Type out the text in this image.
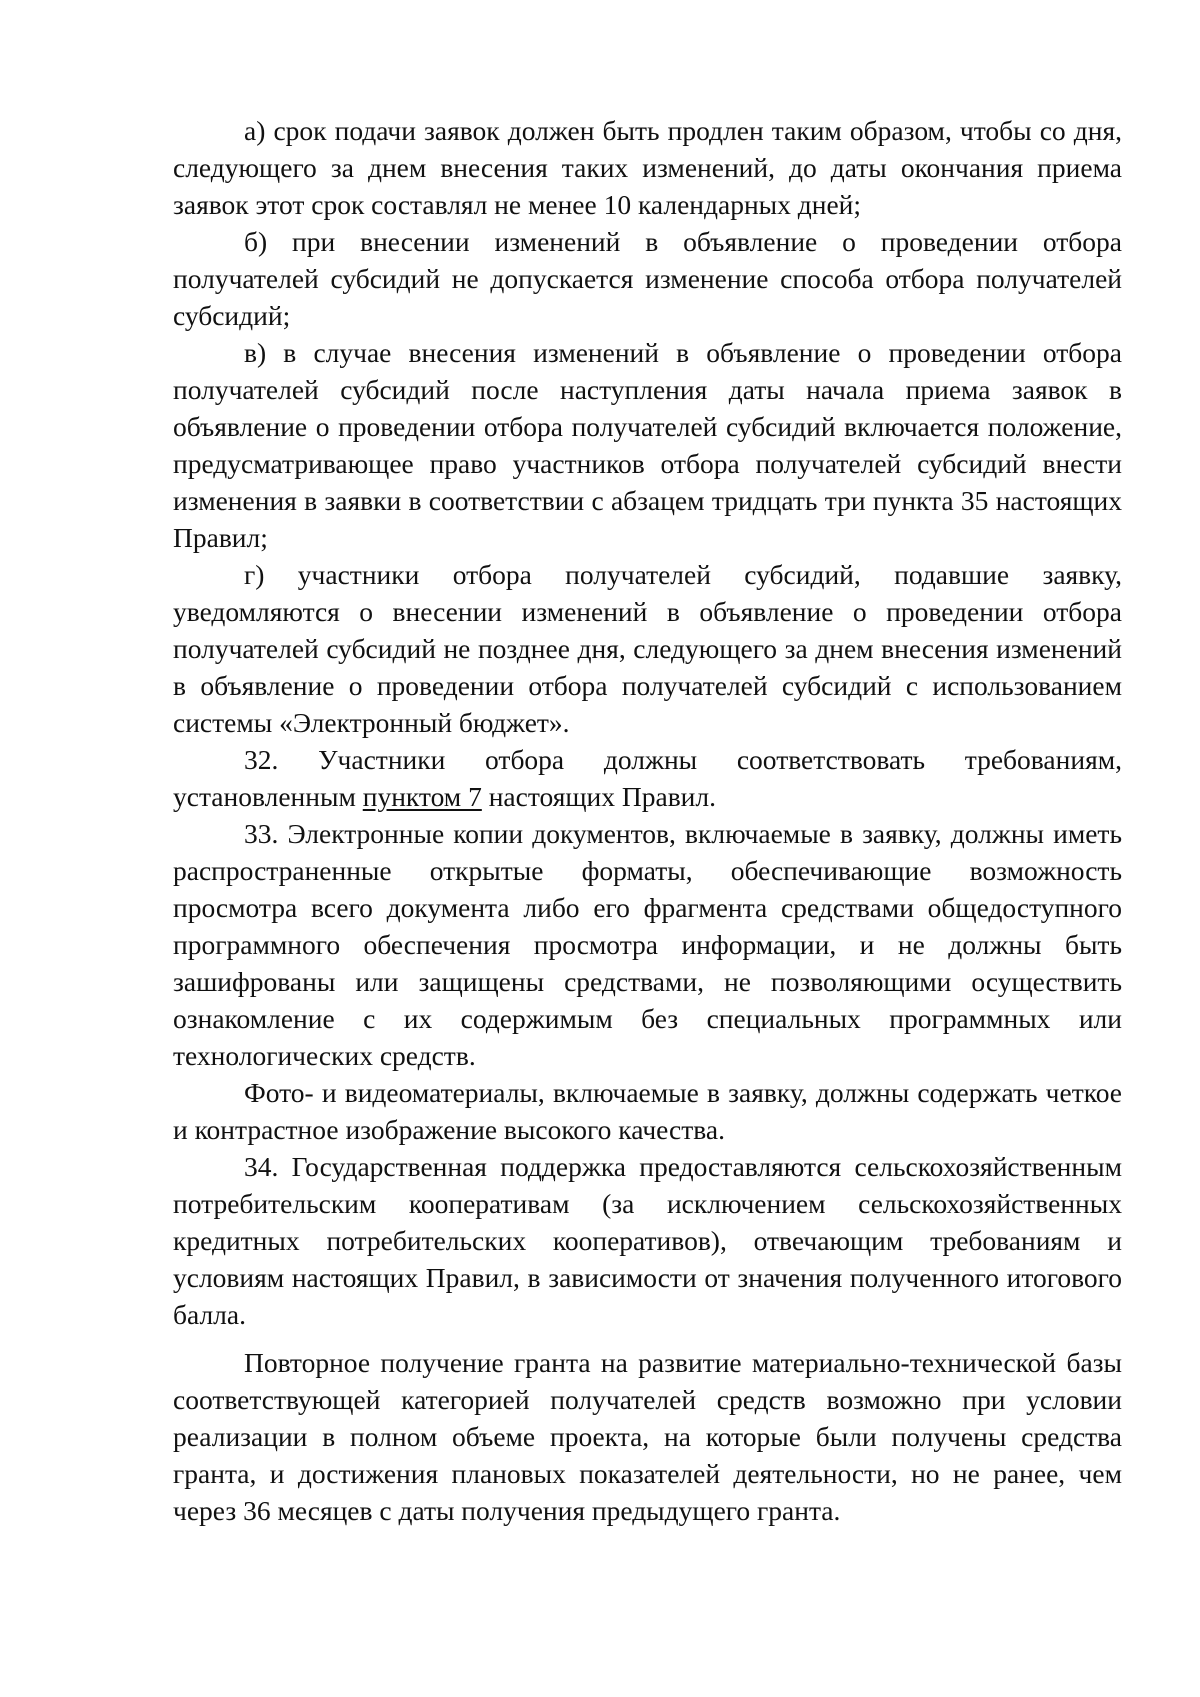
а) срок подачи заявок должен быть продлен таким образом, чтобы со дня, следующего за днем внесения таких изменений, до даты окончания приема заявок этот срок составлял не менее 10 календарных дней;

б) при внесении изменений в объявление о проведении отбора получателей субсидий не допускается изменение способа отбора получателей субсидий;

в) в случае внесения изменений в объявление о проведении отбора получателей субсидий после наступления даты начала приема заявок в объявление о проведении отбора получателей субсидий включается положение, предусматривающее право участников отбора получателей субсидий внести изменения в заявки в соответствии с абзацем тридцать три пункта 35 настоящих Правил;

г) участники отбора получателей субсидий, подавшие заявку, уведомляются о внесении изменений в объявление о проведении отбора получателей субсидий не позднее дня, следующего за днем внесения изменений в объявление о проведении отбора получателей субсидий с использованием системы «Электронный бюджет».

32. Участники отбора должны соответствовать требованиям, установленным пунктом 7 настоящих Правил.

33. Электронные копии документов, включаемые в заявку, должны иметь распространенные открытые форматы, обеспечивающие возможность просмотра всего документа либо его фрагмента средствами общедоступного программного обеспечения просмотра информации, и не должны быть зашифрованы или защищены средствами, не позволяющими осуществить ознакомление с их содержимым без специальных программных или технологических средств.

Фото- и видеоматериалы, включаемые в заявку, должны содержать четкое и контрастное изображение высокого качества.

34. Государственная поддержка предоставляются сельскохозяйственным потребительским кооперативам (за исключением сельскохозяйственных кредитных потребительских кооперативов), отвечающим требованиям и условиям настоящих Правил, в зависимости от значения полученного итогового балла.

Повторное получение гранта на развитие материально-технической базы соответствующей категорией получателей средств возможно при условии реализации в полном объеме проекта, на которые были получены средства гранта, и достижения плановых показателей деятельности, но не ранее, чем через 36 месяцев с даты получения предыдущего гранта.
